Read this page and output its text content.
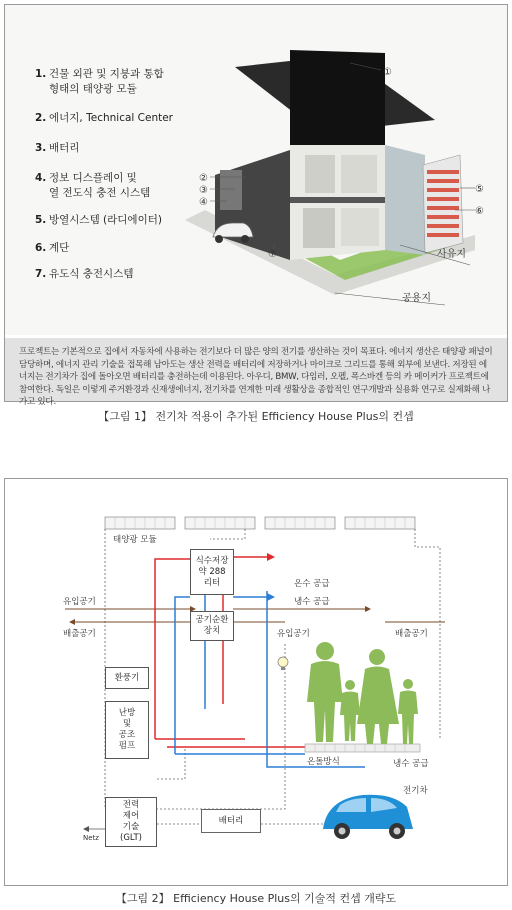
①
②
③
④
⑤
⑥
⑦	사유지
공용지
1. 건물 외관 및 지붕과 통합
형태의 태양광 모듈
2. 에너지, Technical Center
3. 배터리
4. 정보 디스플레이 및
열 전도식 충전 시스템
5. 방열시스템 (라디에이터)
6. 계단
7. 유도식 충전시스템
프로젝트는 기본적으로 집에서 자동차에 사용하는 전기보다 더 많은 양의 전기를 생산하는 것이 목표다. 에너지 생산은 태양광 패널이 담당하며, 에너지 관리 기술을 접목해 남아도는 생산 전력을 배터리에 저장하거나 마이크로 그리드를 통해 외부에 보낸다. 저장된 에너지는 전기차가 집에 돌아오면 배터리를 충전하는데 이용된다. 아우디, BMW, 다임러, 오펠, 폭스바겐 등의 카 메이커가 프로젝트에 참여한다. 독일은 이렇게 주거환경과 신재생에너지, 전기차를 연계한 미래 생활상을 종합적인 연구개발과 실용화 연구로 실제화해 나가고 있다.
【그림 1】 전기차 적용이 추가된 Efficiency House Plus의 컨셉
태양광 모듈
유입공기
배출공기
온수 공급
냉수 공급
유입공기	배출공기
온돌방식	냉수 공급
전기차
Netz
식수저장
약 288
리터
공기순환
장치
환풍기
난방
및
공조
펌프
전력
제어
기술
(GLT)
배터리
【그림 2】 Efficiency House Plus의 기술적 컨셉 개략도
